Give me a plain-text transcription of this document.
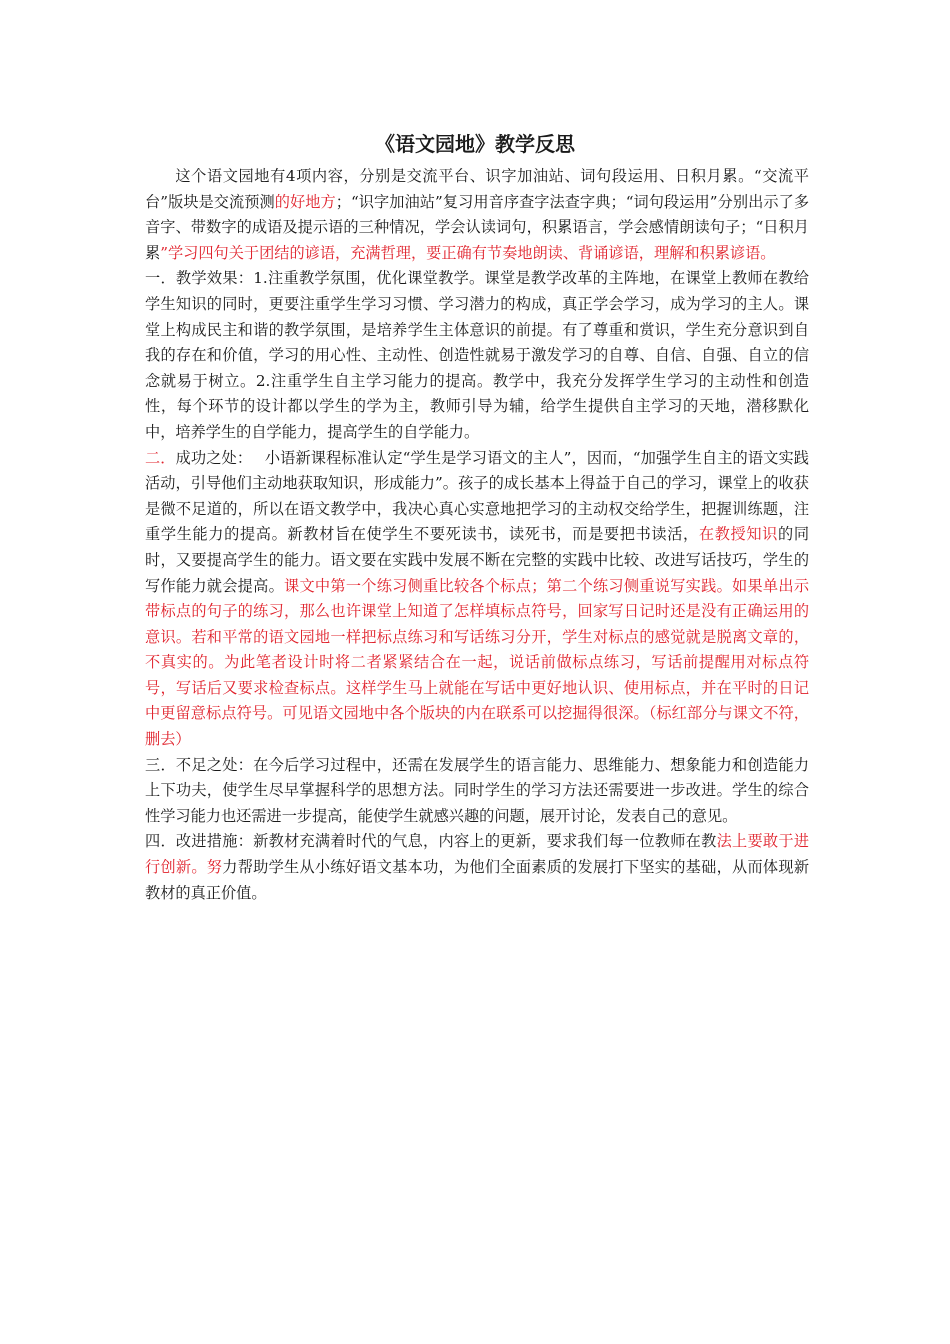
《语文园地》教学反思

这个语文园地有4项内容，分别是交流平台、识字加油站、词句段运用、日积月累。“交流平台”版块是交流预测的好地方；“识字加油站”复习用音序查字法查字典；“词句段运用”分别出示了多音字、带数字的成语及提示语的三种情况，学会认读词句，积累语言，学会感情朗读句子；“日积月累”学习四句关于团结的谚语，充满哲理，要正确有节奏地朗读、背诵谚语，理解和积累谚语。

一．教学效果：1.注重教学氛围，优化课堂教学。课堂是教学改革的主阵地，在课堂上教师在教给学生知识的同时，更要注重学生学习习惯、学习潜力的构成，真正学会学习，成为学习的主人。课堂上构成民主和谐的教学氛围，是培养学生主体意识的前提。有了尊重和赏识，学生充分意识到自我的存在和价值，学习的用心性、主动性、创造性就易于激发学习的自尊、自信、自强、自立的信念就易于树立。2.注重学生自主学习能力的提高。教学中，我充分发挥学生学习的主动性和创造性，每个环节的设计都以学生的学为主，教师引导为辅，给学生提供自主学习的天地，潜移默化中，培养学生的自学能力，提高学生的自学能力。

二．成功之处：　 小语新课程标准认定“学生是学习语文的主人”，因而，“加强学生自主的语文实践活动，引导他们主动地获取知识，形成能力”。孩子的成长基本上得益于自己的学习，课堂上的收获是微不足道的，所以在语文教学中，我决心真心实意地把学习的主动权交给学生，把握训练题，注重学生能力的提高。新教材旨在使学生不要死读书，读死书，而是要把书读活，在教授知识的同时，又要提高学生的能力。语文要在实践中发展不断在完整的实践中比较、改进写话技巧，学生的写作能力就会提高。课文中第一个练习侧重比较各个标点；第二个练习侧重说写实践。如果单出示带标点的句子的练习，那么也许课堂上知道了怎样填标点符号，回家写日记时还是没有正确运用的意识。若和平常的语文园地一样把标点练习和写话练习分开，学生对标点的感觉就是脱离文章的，不真实的。为此笔者设计时将二者紧紧结合在一起，说话前做标点练习，写话前提醒用对标点符号，写话后又要求检查标点。这样学生马上就能在写话中更好地认识、使用标点，并在平时的日记中更留意标点符号。可见语文园地中各个版块的内在联系可以挖掘得很深。（标红部分与课文不符，删去）

三．不足之处：在今后学习过程中，还需在发展学生的语言能力、思维能力、想象能力和创造能力上下功夫，使学生尽早掌握科学的思想方法。同时学生的学习方法还需要进一步改进。学生的综合性学习能力也还需进一步提高，能使学生就感兴趣的问题，展开讨论，发表自己的意见。

四．改进措施：新教材充满着时代的气息，内容上的更新，要求我们每一位教师在教法上要敢于进行创新。努力帮助学生从小练好语文基本功，为他们全面素质的发展打下坚实的基础，从而体现新教材的真正价值。
